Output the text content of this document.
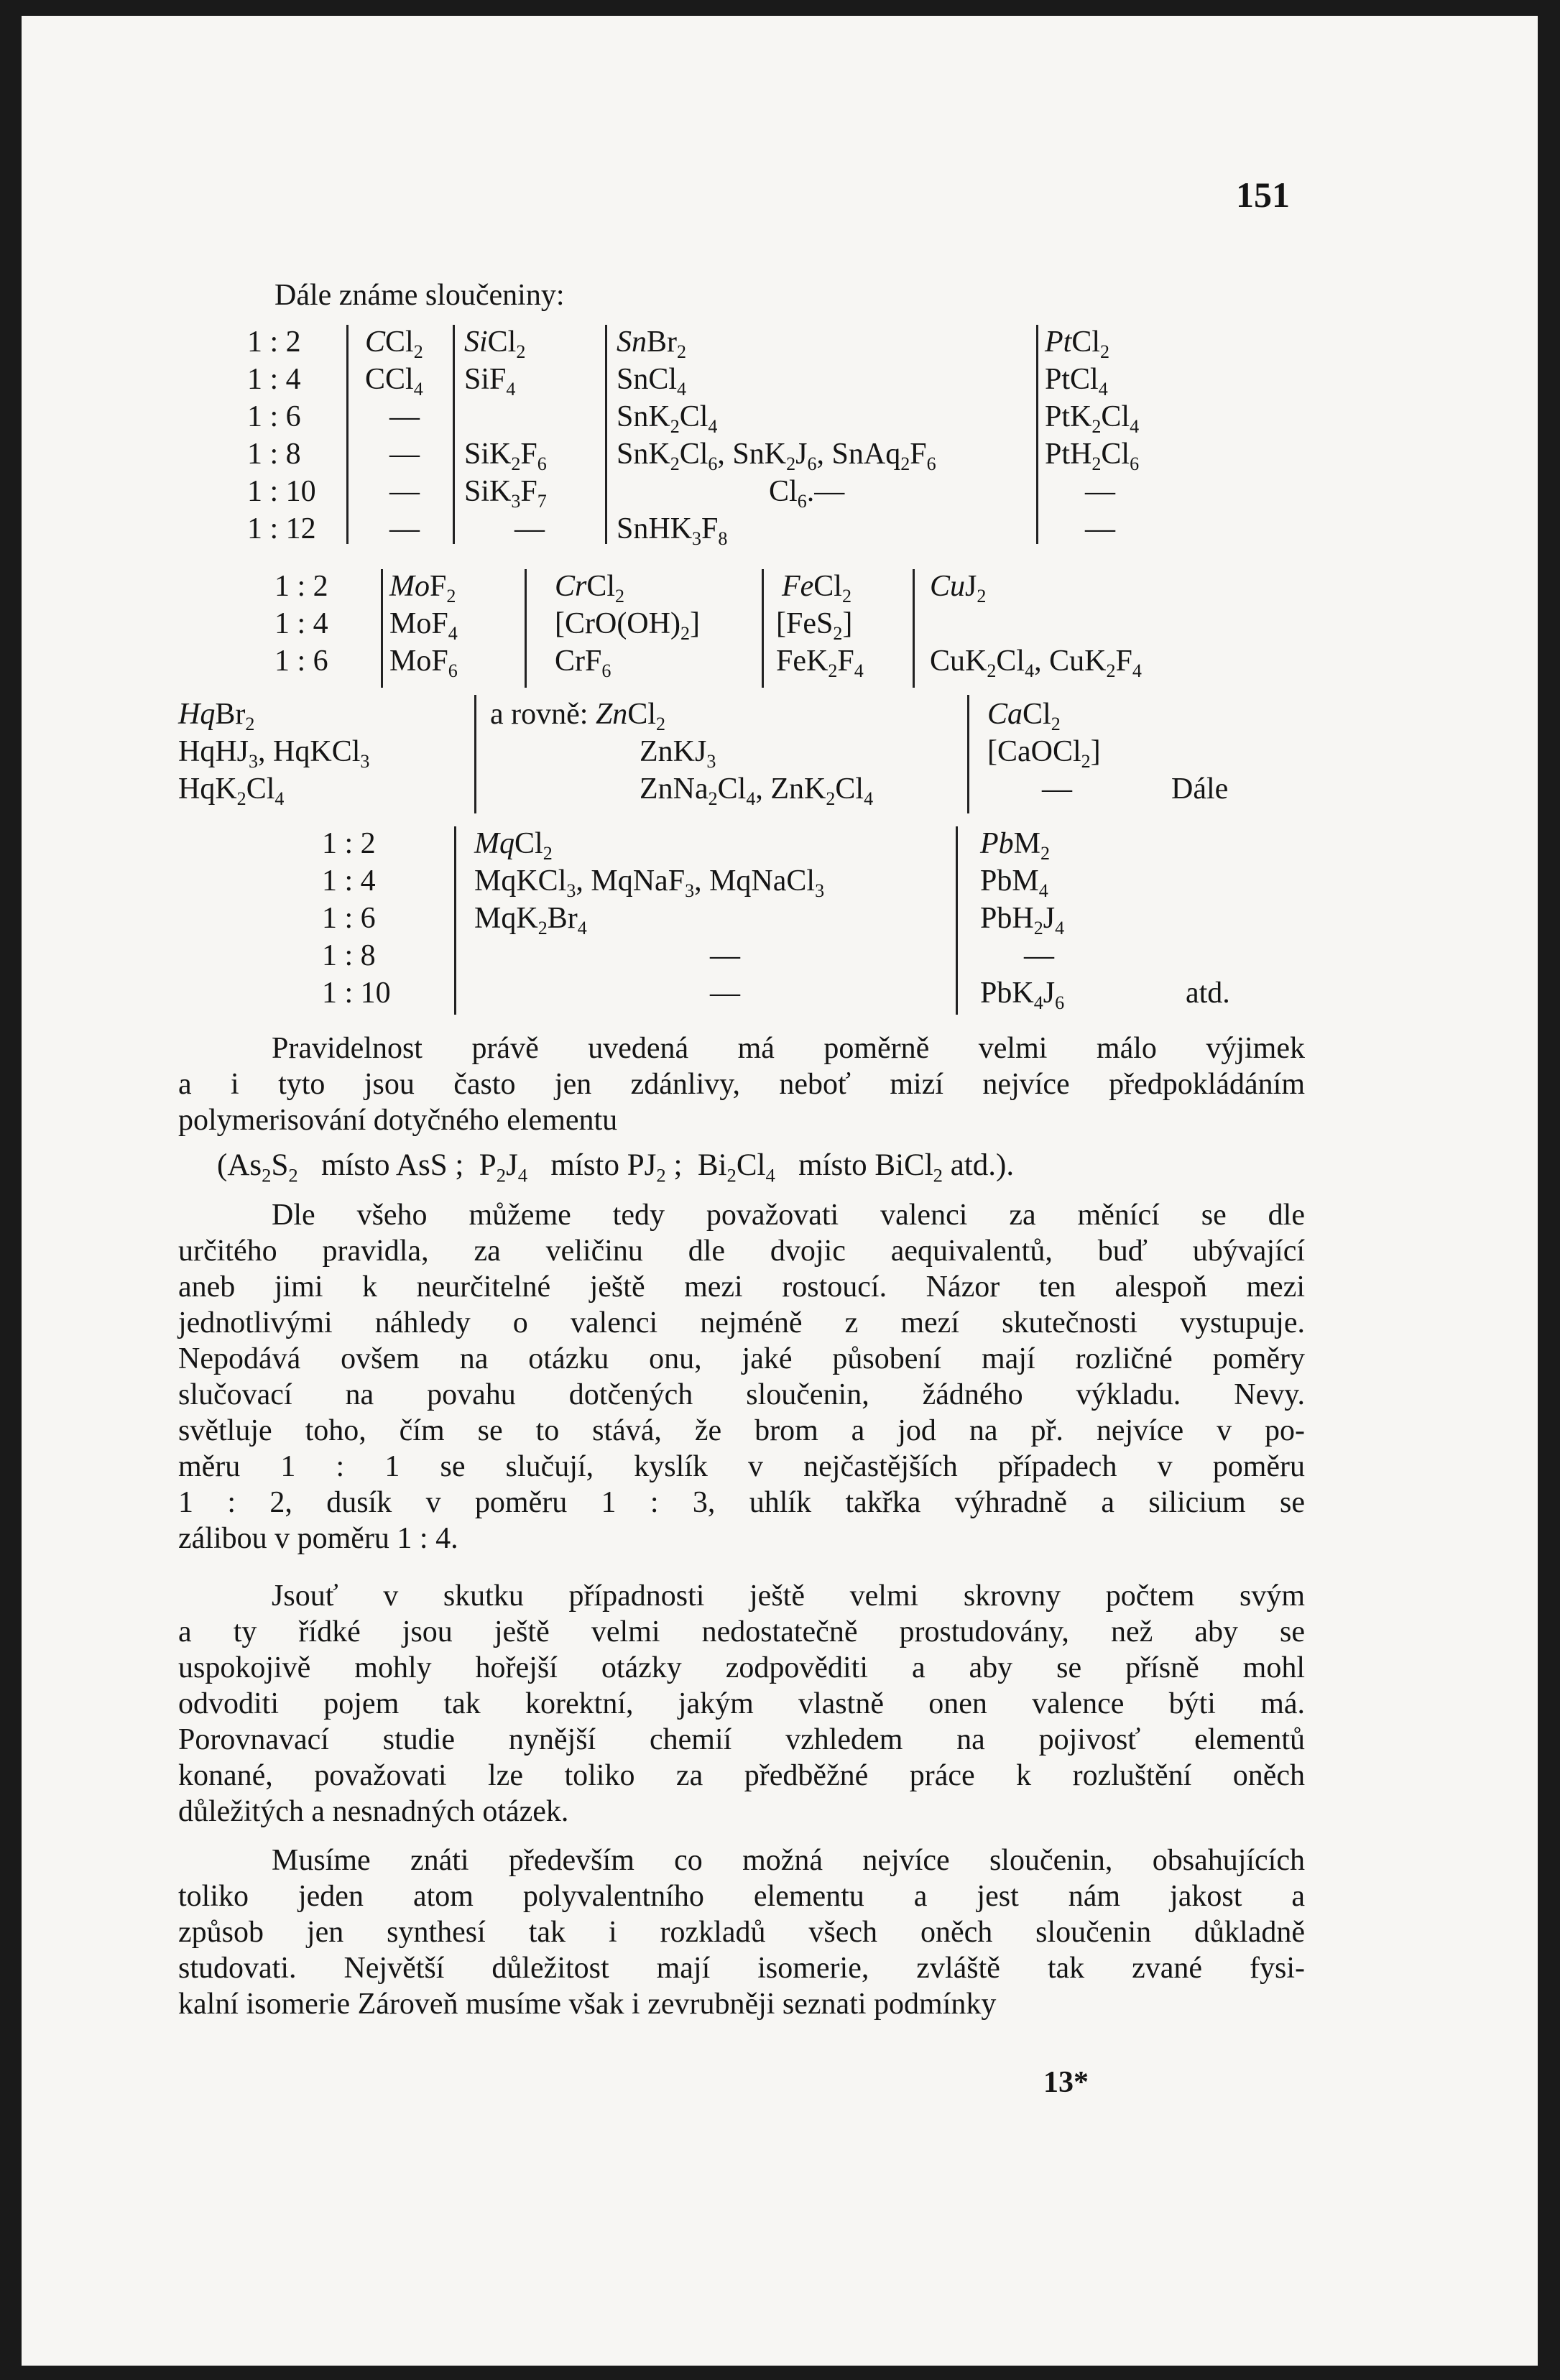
151
Dále známe sloučeniny:
1 : 2
1 : 4
1 : 6
1 : 8
1 : 10
1 : 12
CCl$_2$
CCl$_4$
—
—
—
—
SiCl$_2$
SiF$_4$
$SiK_2F_6$
$SiK_3F_7$
—
SnBr$_2$
SnCl$_4$
$SnK_2Cl_4$
$SnK_2Cl_6$, $SnK_2J_6$, $SnAq_2F_6$
$Cl_6.—$
$SnHK_3F_8$
PtCl$_2$
PtCl$_4$
$PtK_2Cl_4$
$PtH_2Cl_6$
—
—
1 : 2
1 : 4
1 : 6
MoF$_2$
MoF$_4$
MoF$_6$
CrCl$_2$
$[CrO(OH)_2]$
CrF$_6$
FeCl$_2$
[FeS$_2$]
$FeK_2F_4$
CuJ$_2$
$CuK_2Cl_4$, $CuK_2F_4$
HqBr$_2$
HqHJ$_3$, HqKCl$_3$
$HqK_2Cl_4$
a rovně: ZnCl$_2$
ZnKJ$_3$
$ZnNa_2Cl_4$, $ZnK_2Cl_4$
CaCl$_2$
[CaOCl$_2$]
—	Dále
1 : 2
1 : 4
1 : 6
1 : 8
1 : 10
MqCl$_2$
MqKCl$_3$, MqNaF$_3$, MqNaCl$_3$
$MqK_2Br_4$
—
—
PbM$_2$
PbM$_4$
$PbH_2J_4$
—
$PbK_4J_6$	atd.
Pravidelnost právě uvedená má poměrně velmi málo výjimek
a i tyto jsou často jen zdánlivy, neboť mizí nejvíce předpokládáním
polymerisování dotyčného elementu
($As_2S_2$ místo AsS ;  $P_2J_4$ místo $PJ_2$ ;  $Bi_2Cl_4$ místo BiCl$_2$ atd.).
Dle všeho můžeme tedy považovati valenci za měnící se dle
určitého pravidla, za veličinu dle dvojic aequivalentů, buď ubývající
aneb jimi k neurčitelné ještě mezi rostoucí. Názor ten alespoň mezi
jednotlivými náhledy o valenci nejméně z mezí skutečnosti vystupuje.
Nepodává ovšem na otázku onu, jaké působení mají rozličné poměry
slučovací na povahu dotčených sloučenin, žádného výkladu. Nevy.
světluje toho, čím se to stává, že brom a jod na př. nejvíce v po-
měru 1 : 1 se slučují, kyslík v nejčastějších případech v poměru
1 : 2, dusík v poměru 1 : 3, uhlík takřka výhradně a silicium se
zálibou v poměru 1 : 4.
Jsouť v skutku případnosti ještě velmi skrovny počtem svým
a ty řídké jsou ještě velmi nedostatečně prostudovány, než aby se
uspokojivě mohly hořejší otázky zodpověditi a aby se přísně mohl
odvoditi pojem tak korektní, jakým vlastně onen valence býti má.
Porovnavací studie nynější chemií vzhledem na pojivosť elementů
konané, považovati lze toliko za předběžné práce k rozluštění oněch
důležitých a nesnadných otázek.
Musíme znáti především co možná nejvíce sloučenin, obsahujících
toliko jeden atom polyvalentního elementu a jest nám jakost a
způsob jen synthesí tak i rozkladů všech oněch sloučenin důkladně
studovati. Největší důležitost mají isomerie, zvláště tak zvané fysi-
kalní isomerie Zároveň musíme však i zevrubněji seznati podmínky
13*
